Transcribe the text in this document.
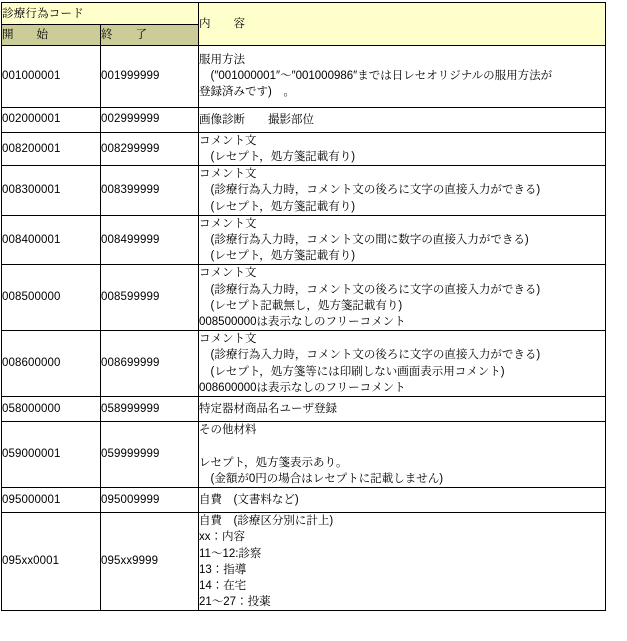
診療行為コード		内　　容
開　　始	終　　了	
001000001	001999999	服用方法
　(″001000001″～″001000986″までは日レセオリジナルの服用方法が
登録済みです)　。

002000001	002999999	画像診断　　撮影部位

008200001	008299999	コメント文
　(レセプト，処方箋記載有り)

008300001	008399999	コメント文
　(診療行為入力時，コメント文の後ろに文字の直接入力ができる)
　(レセプト，処方箋記載有り)

008400001	008499999	コメント文
　(診療行為入力時，コメント文の間に数字の直接入力ができる)
　(レセプト，処方箋記載有り)

008500000	008599999	コメント文
　(診療行為入力時，コメント文の後ろに文字の直接入力ができる)
　(レセプト記載無し，処方箋記載有り)
008500000は表示なしのフリーコメント

008600000	008699999	コメント文
　(診療行為入力時，コメント文の後ろに文字の直接入力ができる)
　(レセプト，処方箋等には印刷しない画面表示用コメント)
008600000は表示なしのフリーコメント

058000000	058999999	特定器材商品名ユーザ登録

059000001	059999999	その他材料

レセプト，処方箋表示あり。
　(金額が0円の場合はレセプトに記載しません)

095000001	095009999	自費　(文書料など)

095xx0001	095xx9999	
自費　(診療区分別に計上)
xx：内容
11～12:診察
13：指導
14：在宅
21～27：投薬
